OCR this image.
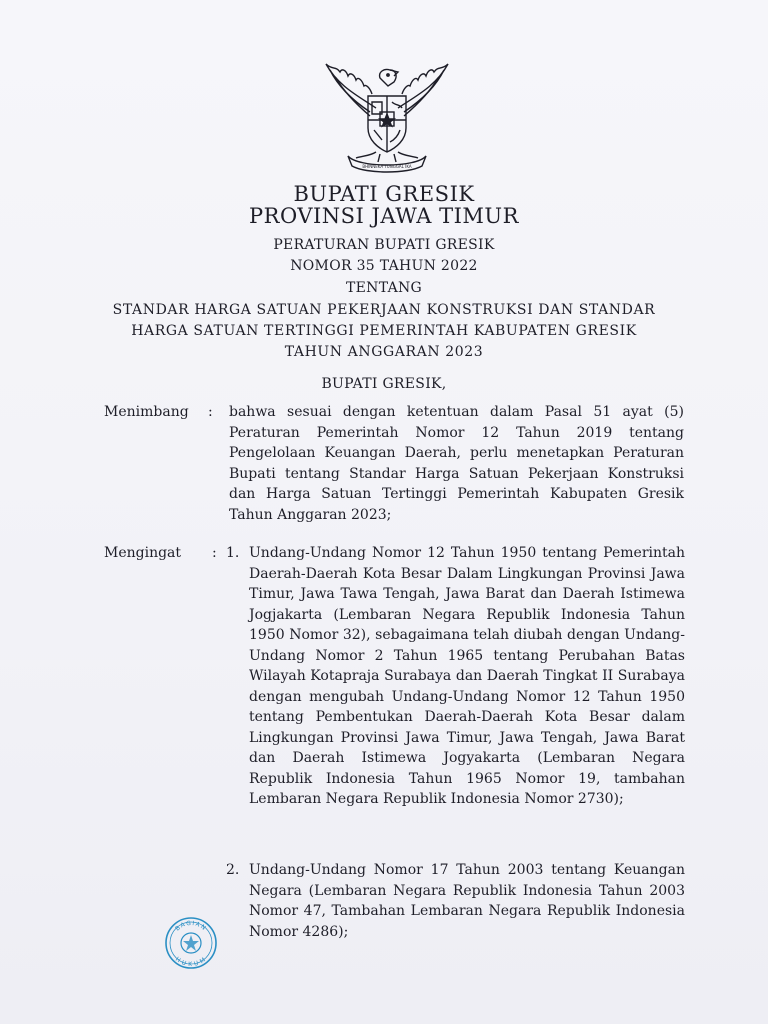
BHINNEKA TUNGGAL IKA
BUPATI GRESIK
PROVINSI JAWA TIMUR
PERATURAN BUPATI GRESIK
NOMOR 35 TAHUN 2022
TENTANG
STANDAR HARGA SATUAN PEKERJAAN KONSTRUKSI DAN STANDAR
HARGA SATUAN TERTINGGI PEMERINTAH KABUPATEN GRESIK
TAHUN ANGGARAN 2023
BUPATI GRESIK,
Menimbang : bahwa sesuai dengan ketentuan dalam Pasal 51 ayat (5) Peraturan Pemerintah Nomor 12 Tahun 2019 tentang Pengelolaan Keuangan Daerah, perlu menetapkan Peraturan Bupati tentang Standar Harga Satuan Pekerjaan Konstruksi dan Harga Satuan Tertinggi Pemerintah Kabupaten Gresik Tahun Anggaran 2023;
Mengingat : 1. Undang-Undang Nomor 12 Tahun 1950 tentang Pemerintah Daerah-Daerah Kota Besar Dalam Lingkungan Provinsi Jawa Timur, Jawa Tawa Tengah, Jawa Barat dan Daerah Istimewa Jogjakarta (Lembaran Negara Republik Indonesia Tahun 1950 Nomor 32), sebagaimana telah diubah dengan Undang-Undang Nomor 2 Tahun 1965 tentang Perubahan Batas Wilayah Kotapraja Surabaya dan Daerah Tingkat II Surabaya dengan mengubah Undang-Undang Nomor 12 Tahun 1950 tentang Pembentukan Daerah-Daerah Kota Besar dalam Lingkungan Provinsi Jawa Timur, Jawa Tengah, Jawa Barat dan Daerah Istimewa Jogyakarta (Lembaran Negara Republik Indonesia Tahun 1965 Nomor 19, tambahan Lembaran Negara Republik Indonesia Nomor 2730);
2. Undang-Undang Nomor 17 Tahun 2003 tentang Keuangan Negara (Lembaran Negara Republik Indonesia Tahun 2003 Nomor 47, Tambahan Lembaran Negara Republik Indonesia Nomor 4286);
BAGIAN
HUKUM
